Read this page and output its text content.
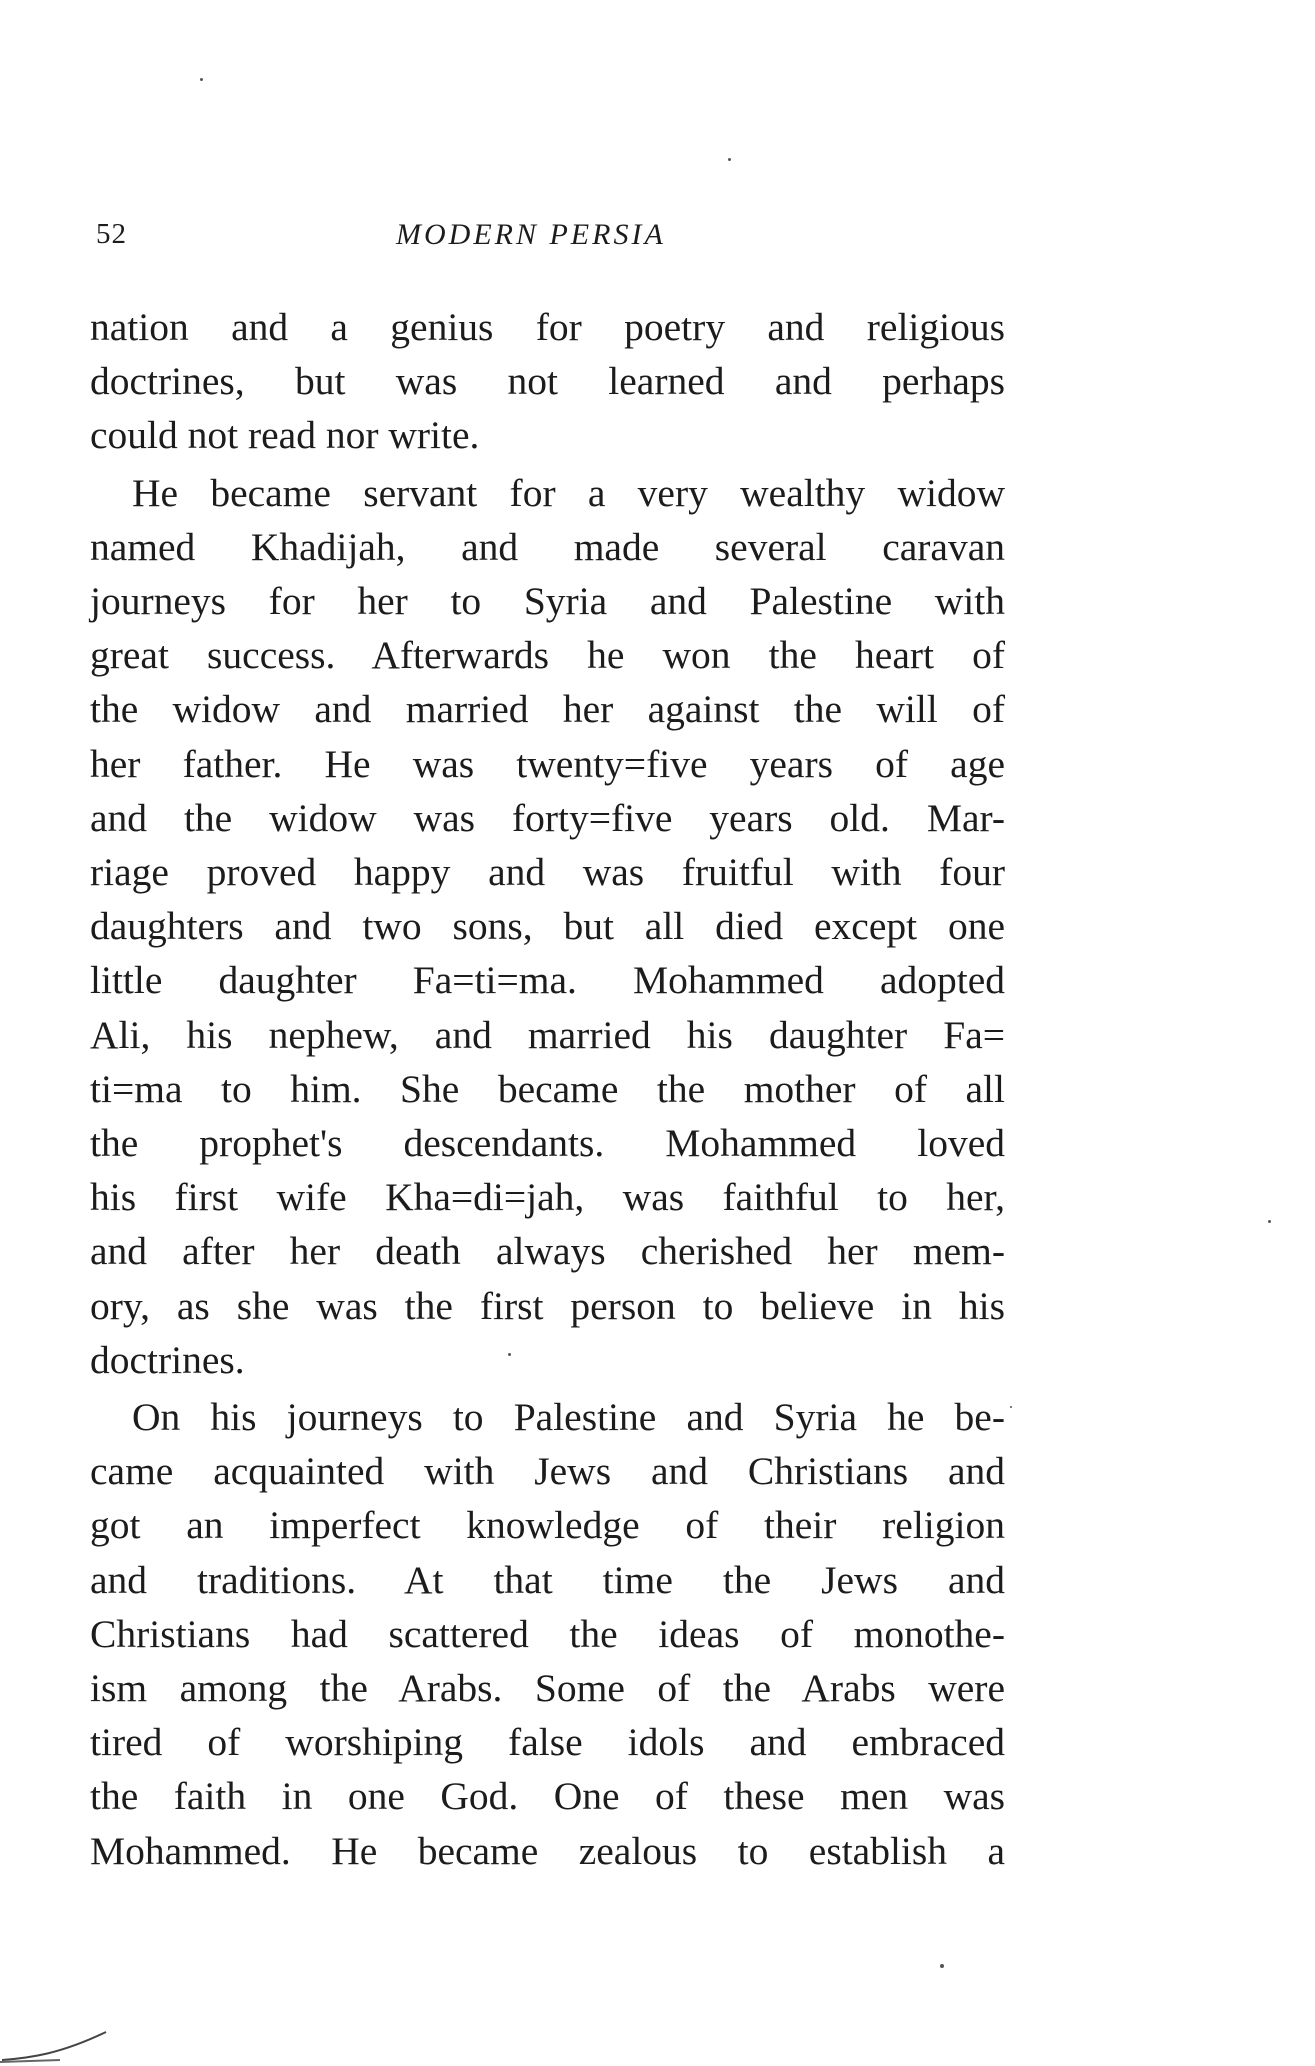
52	MODERN PERSIA
nation and a genius for poetry and religious
doctrines, but was not learned and perhaps
could not read nor write.
He became servant for a very wealthy widow
named Khadijah, and made several caravan
journeys for her to Syria and Palestine with
great success. Afterwards he won the heart of
the widow and married her against the will of
her father. He was twenty=five years of age
and the widow was forty=five years old. Mar-
riage proved happy and was fruitful with four
daughters and two sons, but all died except one
little daughter Fa=ti=ma. Mohammed adopted
Ali, his nephew, and married his daughter Fa=
ti=ma to him. She became the mother of all
the prophet's descendants. Mohammed loved
his first wife Kha=di=jah, was faithful to her,
and after her death always cherished her mem-
ory, as she was the first person to believe in his
doctrines.
On his journeys to Palestine and Syria he be-
came acquainted with Jews and Christians and
got an imperfect knowledge of their religion
and traditions. At that time the Jews and
Christians had scattered the ideas of monothe-
ism among the Arabs. Some of the Arabs were
tired of worshiping false idols and embraced
the faith in one God. One of these men was
Mohammed. He became zealous to establish a
